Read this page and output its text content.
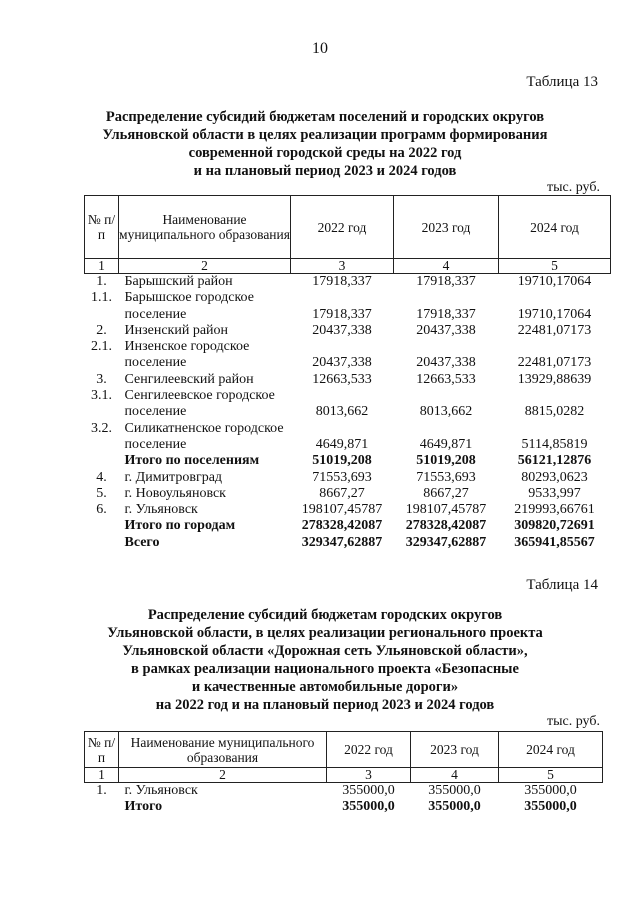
10
Таблица 13
Распределение субсидий бюджетам поселений и городских округов
Ульяновской области в целях реализации программ формирования
современной городской среды на 2022 год
и на плановый период 2023 и 2024 годов
тыс. руб.
№ п/п	Наименование муниципального образования	2022 год	2023 год	2024 год
1	2	3	4	5
1.	Барышский район	17918,337	17918,337	19710,17064
1.1.	Барышское городское поселение	17918,337	17918,337	19710,17064
2.	Инзенский район	20437,338	20437,338	22481,07173
2.1.	Инзенское городское поселение	20437,338	20437,338	22481,07173
3.	Сенгилеевский район	12663,533	12663,533	13929,88639
3.1.	Сенгилеевское городское поселение	8013,662	8013,662	8815,0282
3.2.	Силикатненское городское поселение	4649,871	4649,871	5114,85819
	Итого по поселениям	51019,208	51019,208	56121,12876
4.	г. Димитровград	71553,693	71553,693	80293,0623
5.	г. Новоульяновск	8667,27	8667,27	9533,997
6.	г. Ульяновск	198107,45787	198107,45787	219993,66761
	Итого по городам	278328,42087	278328,42087	309820,72691
	Всего	329347,62887	329347,62887	365941,85567
Таблица 14
Распределение субсидий бюджетам городских округов
Ульяновской области, в целях реализации регионального проекта
Ульяновской области «Дорожная сеть Ульяновской области»,
в рамках реализации национального проекта «Безопасные
и качественные автомобильные дороги»
на 2022 год и на плановый период 2023 и 2024 годов
тыс. руб.
№ п/п	Наименование муниципального образования	2022 год	2023 год	2024 год
1	2	3	4	5
1.	г. Ульяновск	355000,0	355000,0	355000,0
	Итого	355000,0	355000,0	355000,0
